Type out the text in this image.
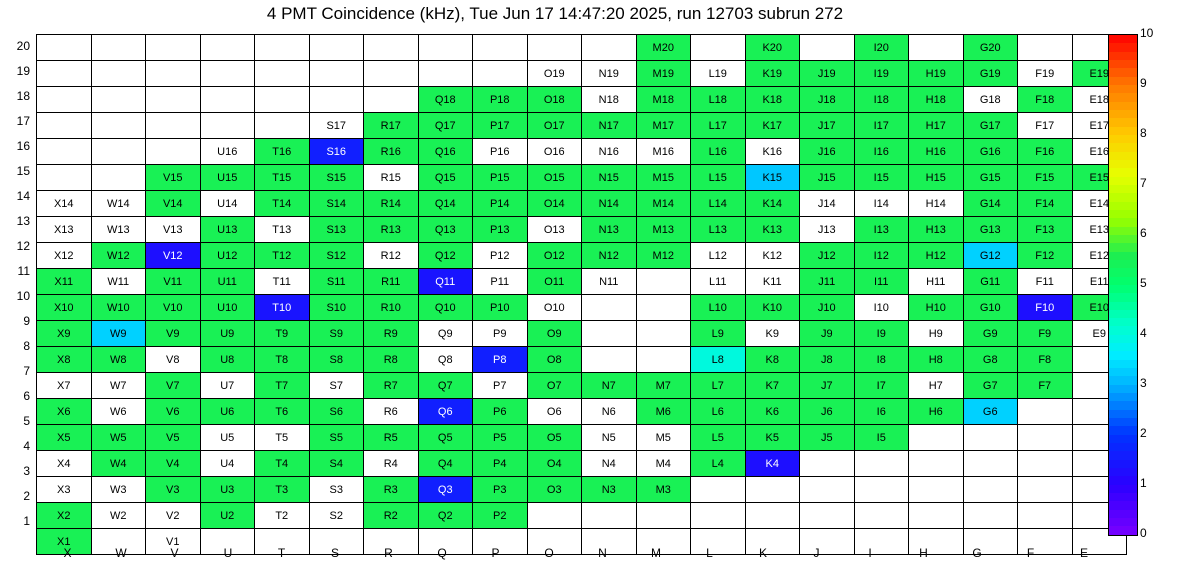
4 PMT Coincidence (kHz), Tue Jun 17 14:47:20 2025, run 12703 subrun 272
											M20		K20		I20		G20		
									O19	N19	M19	L19	K19	J19	I19	H19	G19	F19	E19
							Q18	P18	O18	N18	M18	L18	K18	J18	I18	H18	G18	F18	E18
					S17	R17	Q17	P17	O17	N17	M17	L17	K17	J17	I17	H17	G17	F17	E17
			U16	T16	S16	R16	Q16	P16	O16	N16	M16	L16	K16	J16	I16	H16	G16	F16	E16
		V15	U15	T15	S15	R15	Q15	P15	O15	N15	M15	L15	K15	J15	I15	H15	G15	F15	E15
X14	W14	V14	U14	T14	S14	R14	Q14	P14	O14	N14	M14	L14	K14	J14	I14	H14	G14	F14	E14
X13	W13	V13	U13	T13	S13	R13	Q13	P13	O13	N13	M13	L13	K13	J13	I13	H13	G13	F13	E13
X12	W12	V12	U12	T12	S12	R12	Q12	P12	O12	N12	M12	L12	K12	J12	I12	H12	G12	F12	E12
X11	W11	V11	U11	T11	S11	R11	Q11	P11	O11	N11		L11	K11	J11	I11	H11	G11	F11	E11
X10	W10	V10	U10	T10	S10	R10	Q10	P10	O10			L10	K10	J10	I10	H10	G10	F10	E10
X9	W9	V9	U9	T9	S9	R9	Q9	P9	O9			L9	K9	J9	I9	H9	G9	F9	E9
X8	W8	V8	U8	T8	S8	R8	Q8	P8	O8			L8	K8	J8	I8	H8	G8	F8	
X7	W7	V7	U7	T7	S7	R7	Q7	P7	O7	N7	M7	L7	K7	J7	I7	H7	G7	F7	
X6	W6	V6	U6	T6	S6	R6	Q6	P6	O6	N6	M6	L6	K6	J6	I6	H6	G6		
X5	W5	V5	U5	T5	S5	R5	Q5	P5	O5	N5	M5	L5	K5	J5	I5				
X4	W4	V4	U4	T4	S4	R4	Q4	P4	O4	N4	M4	L4	K4						
X3	W3	V3	U3	T3	S3	R3	Q3	P3	O3	N3	M3								
X2	W2	V2	U2	T2	S2	R2	Q2	P2											
X1		V1																	
20
19
18
17
16
15
14
13
12
11
10
9
8
7
6
5
4
3
2
1
X	W	V	U	T	S	R	Q	P	O	N	M	L	K	J	I	H	G	F	E
0
1
2
3
4
5
6
7
8
9
10
